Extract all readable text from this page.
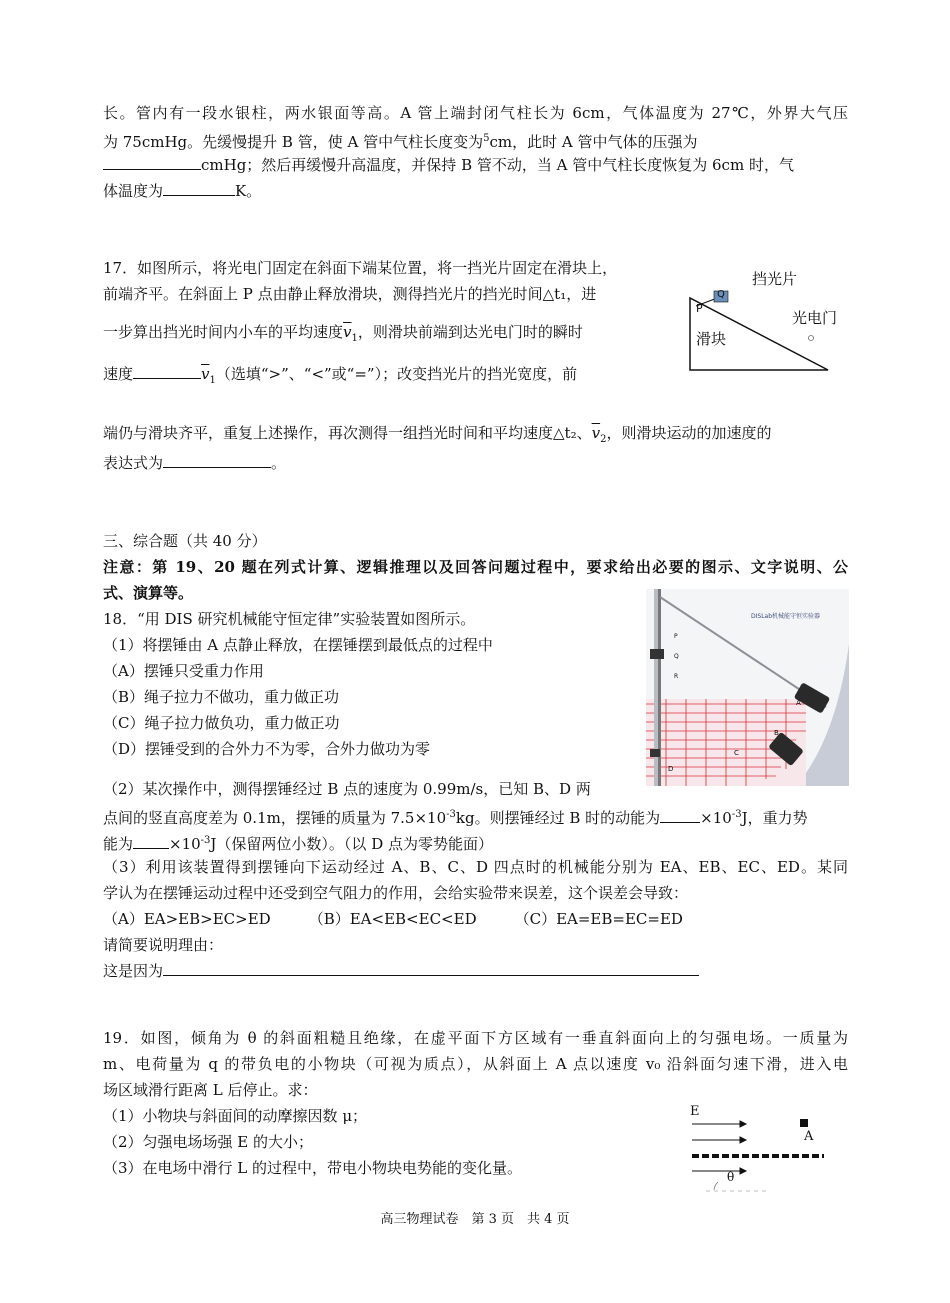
长。管内有一段水银柱，两水银面等高。A 管上端封闭气柱长为 6cm，气体温度为 27℃，外界大气压
为 75cmHg。先缓慢提升 B 管，使 A 管中气柱长度变为$^5$cm，此时 A 管中气体的压强为
cmHg；然后再缓慢升高温度，并保持 B 管不动，当 A 管中气柱长度恢复为 6cm 时，气
体温度为	K。
17．如图所示，将光电门固定在斜面下端某位置，将一挡光片固定在滑块上，
前端齐平。在斜面上 P 点由静止释放滑块，测得挡光片的挡光时间△t₁，进
一步算出挡光时间内小车的平均速度$\overline{v}_1$，则滑块前端到达光电门时的瞬时
速度	$\overline{v}_1$（选填“>”、“<”或“=”）；改变挡光片的挡光宽度，前
端仍与滑块齐平，重复上述操作，再次测得一组挡光时间和平均速度△t₂、$\overline{v}_2$，则滑块运动的加速度的
表达式为	。
挡光片
光电门
滑块
P
Q
三、综合题（共 40 分）
注意：第 19、20 题在列式计算、逻辑推理以及回答问题过程中，要求给出必要的图示、文字说明、公
式、演算等。
18．“用 DIS 研究机械能守恒定律”实验装置如图所示。
（1）将摆锤由 A 点静止释放，在摆锤摆到最低点的过程中
（A）摆锤只受重力作用
（B）绳子拉力不做功，重力做正功
（C）绳子拉力做负功，重力做正功
（D）摆锤受到的合外力不为零，合外力做功为零
DISLab机械能守恒实验器
P
Q
R
A
B
C
D
（2）某次操作中，测得摆锤经过 B 点的速度为 0.99m/s，已知 B、D 两
点间的竖直高度差为 0.1m，摆锤的质量为 $7.5\times 10^{-3}kg$。则摆锤经过 B 时的动能为	$\times 10^{-3}J$，重力势
能为 $\times 10^{-3}J$（保留两位小数）。（以 D 点为零势能面）
（3）利用该装置得到摆锤向下运动经过 A、B、C、D 四点时的机械能分别为 EA、EB、EC、ED。某同
学认为在摆锤运动过程中还受到空气阻力的作用，会给实验带来误差，这个误差会导致：
（A）EA>EB>EC>ED	（B）EA<EB<EC<ED	（C）EA=EB=EC=ED
请简要说明理由：
这是因为
19．如图，倾角为 θ 的斜面粗糙且绝缘，在虚平面下方区域有一垂直斜面向上的匀强电场。一质量为
m、电荷量为 q 的带负电的小物块（可视为质点），从斜面上 A 点以速度 v₀ 沿斜面匀速下滑，进入电
场区域滑行距离 L 后停止。求：
（1）小物块与斜面间的动摩擦因数 μ；
（2）匀强电场场强 E 的大小；
（3）在电场中滑行 L 的过程中，带电小物块电势能的变化量。
E
A
θ
高三物理试卷　第 3 页　共 4 页
